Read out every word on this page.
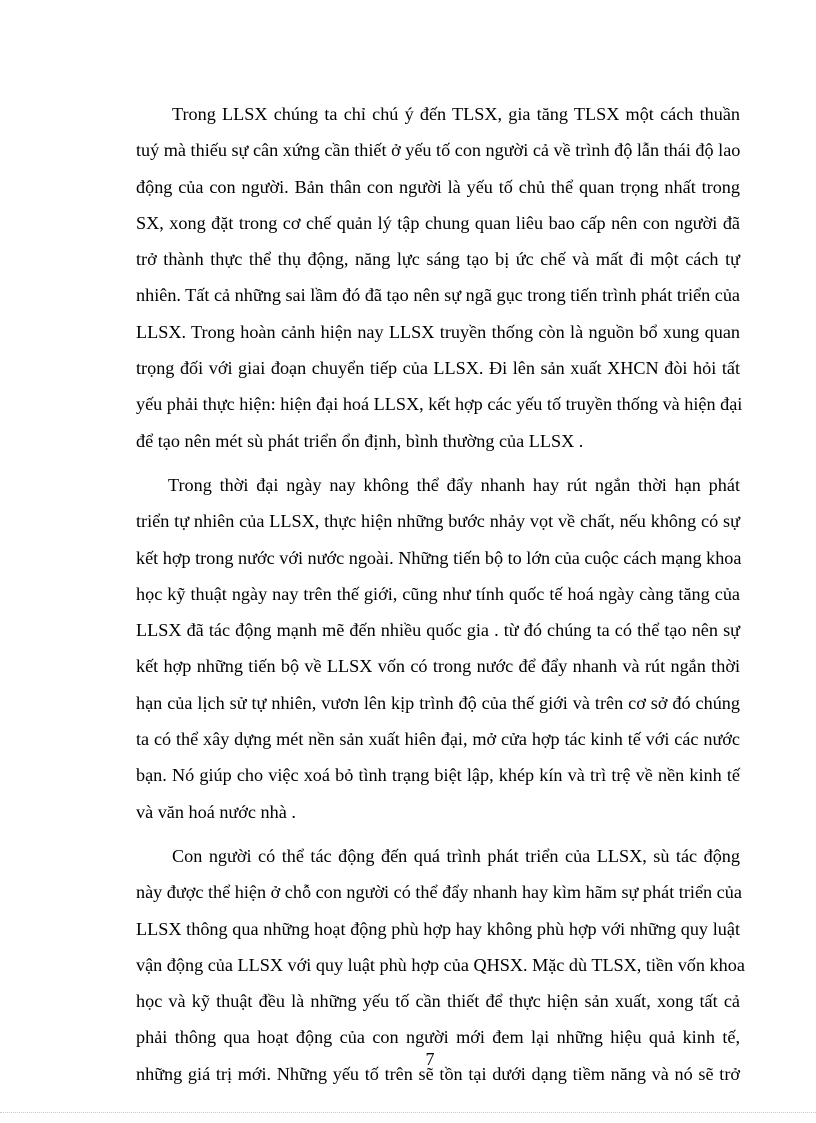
Trong LLSX chúng ta chỉ chú ý đến TLSX, gia tăng TLSX một cách thuần
tuý mà thiếu sự cân xứng cần thiết ở yếu tố con người cả về trình độ lẫn thái độ lao
động của con người. Bản thân con người là yếu tố chủ thể quan trọng nhất trong
SX, xong đặt trong cơ chế quản lý tập chung quan liêu bao cấp nên con người đã
trở thành thực thể thụ động, năng lực sáng tạo bị ức chế và mất đi một cách tự
nhiên. Tất cả những sai lầm đó đã tạo nên sự ngã gục trong tiến trình phát triển của
LLSX. Trong hoàn cảnh hiện nay LLSX truyền thống còn là nguồn bổ xung quan
trọng đối với giai đoạn chuyển tiếp của LLSX. Đi lên sản xuất XHCN đòi hỏi tất
yếu phải thực hiện: hiện đại hoá LLSX, kết hợp các yếu tố truyền thống và hiện đại
để tạo nên mét sù phát triển ổn định, bình thường của LLSX .
Trong thời đại ngày nay không thể đẩy nhanh hay rút ngắn thời hạn phát
triển tự nhiên của LLSX, thực hiện những bước nhảy vọt về chất, nếu không có sự
kết hợp trong nước với nước ngoài. Những tiến bộ to lớn của cuộc cách mạng khoa
học kỹ thuật ngày nay trên thế giới, cũng như tính quốc tế hoá ngày càng tăng của
LLSX đã tác động mạnh mẽ đến nhiều quốc gia . từ đó chúng ta có thể tạo nên sự
kết hợp những tiến bộ về LLSX vốn có trong nước để đẩy nhanh và rút ngắn thời
hạn của lịch sử tự nhiên, vươn lên kịp trình độ của thế giới và trên cơ sở đó chúng
ta có thể xây dựng mét nền sản xuất hiên đại, mở cửa hợp tác kinh tế với các nước
bạn. Nó giúp cho việc xoá bỏ tình trạng biệt lập, khép kín và trì trệ về nền kinh tế
và văn hoá nước nhà .
Con người có thể tác động đến quá trình phát triển của LLSX, sù tác động
này được thể hiện ở chỗ con người có thể đẩy nhanh hay kìm hãm sự phát triển của
LLSX thông qua những hoạt động phù hợp hay không phù hợp với những quy luật
vận động của LLSX với quy luật phù hợp của QHSX. Mặc dù TLSX, tiền vốn khoa
học và kỹ thuật đều là những yếu tố cần thiết để thực hiện sản xuất, xong tất cả
phải thông qua hoạt động của con người mới đem lại những hiệu quả kinh tế,
những giá trị mới. Những yếu tố trên sẽ tồn tại dưới dạng tiềm năng và nó sẽ trở
7
